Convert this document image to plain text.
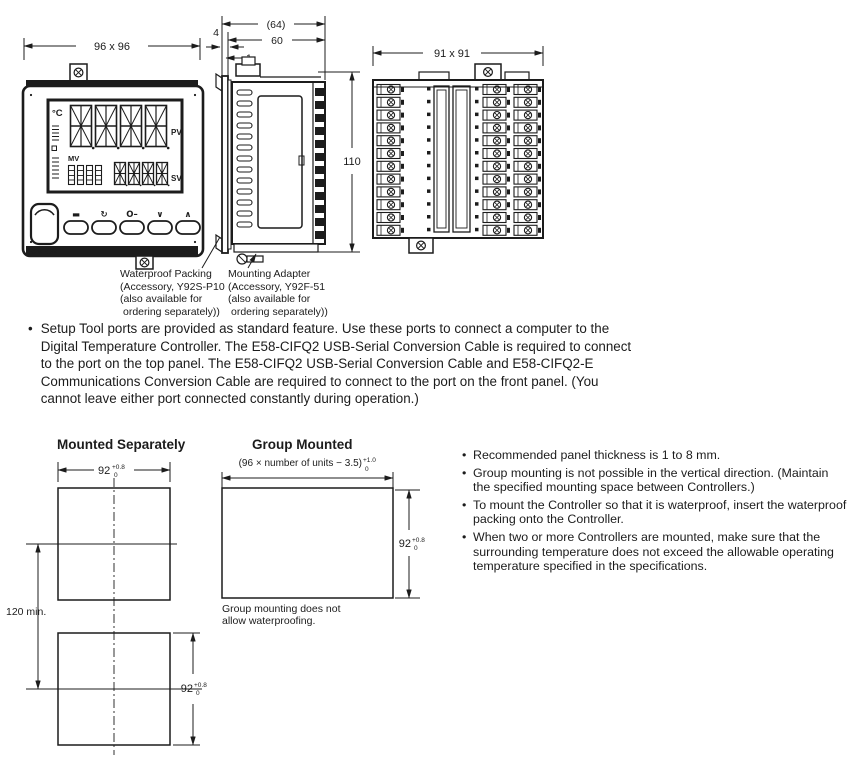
96 x 96
°C
PV
MV
SV
▬ ↻ O– ∨ ∧
OMRON	E5AC
(64)
60
4
110
91 x 91
Waterproof Packing
(Accessory, Y92S-P10
(also available for
ordering separately))
Mounting Adapter
(Accessory, Y92F-51
(also available for
ordering separately))
• Setup Tool ports are provided as standard feature. Use these ports to connect a computer to the Digital Temperature Controller. The E58-CIFQ2 USB-Serial Conversion Cable is required to connect to the port on the top panel. The E58-CIFQ2 USB-Serial Conversion Cable and E58-CIFQ2-E Communications Conversion Cable are required to connect to the port on the front panel. (You cannot leave either port connected constantly during operation.)
Mounted Separately	Group Mounted
92 +0.8
0
120 min.
92 +0.8
0
(96 × number of units − 3.5) +1.0
0
92 +0.8
0
Group mounting does not
allow waterproofing.
• Recommended panel thickness is 1 to 8 mm.
• Group mounting is not possible in the vertical direction. (Maintain the specified mounting space between Controllers.)
• To mount the Controller so that it is waterproof, insert the waterproof packing onto the Controller.
• When two or more Controllers are mounted, make sure that the surrounding temperature does not exceed the allowable operating temperature specified in the specifications.
